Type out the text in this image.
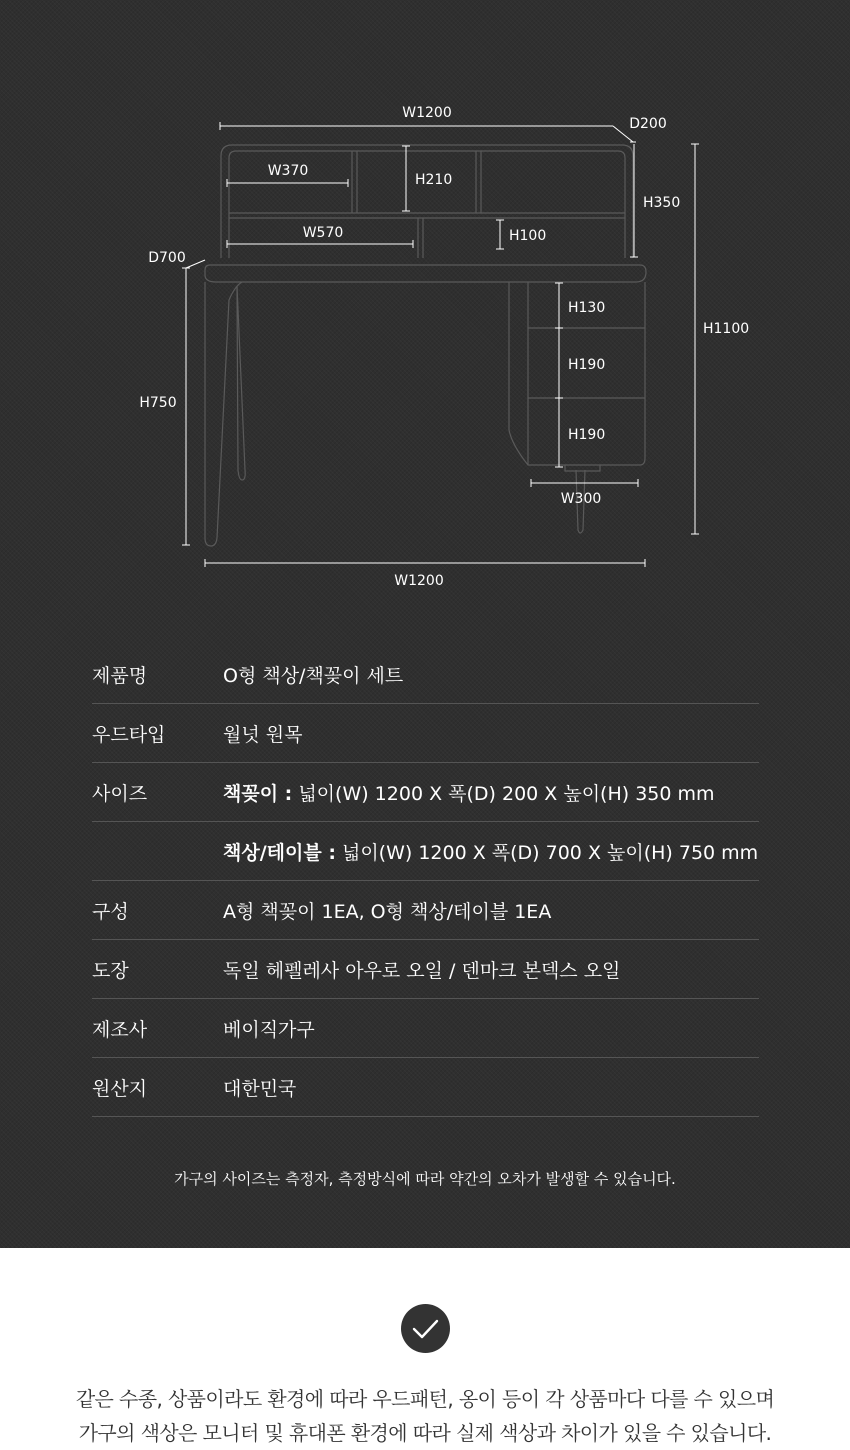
W1200
D200
W370
H210
H350
W570	H100
D700
H130
H1100
H190
H750
H190
W300
W1200
제품명	O형 책상/책꽂이 세트
우드타입	월넛 원목
사이즈	책꽂이 : 넓이(W) 1200 X 폭(D) 200 X 높이(H) 350 mm
책상/테이블 : 넓이(W) 1200 X 폭(D) 700 X 높이(H) 750 mm
구성	A형 책꽂이 1EA, O형 책상/테이블 1EA
도장	독일 헤펠레사 아우로 오일 / 덴마크 본덱스 오일
제조사	베이직가구
원산지	대한민국
가구의 사이즈는 측정자, 측정방식에 따라 약간의 오차가 발생할 수 있습니다.
같은 수종, 상품이라도 환경에 따라 우드패턴, 옹이 등이 각 상품마다 다를 수 있으며
가구의 색상은 모니터 및 휴대폰 환경에 따라 실제 색상과 차이가 있을 수 있습니다.
